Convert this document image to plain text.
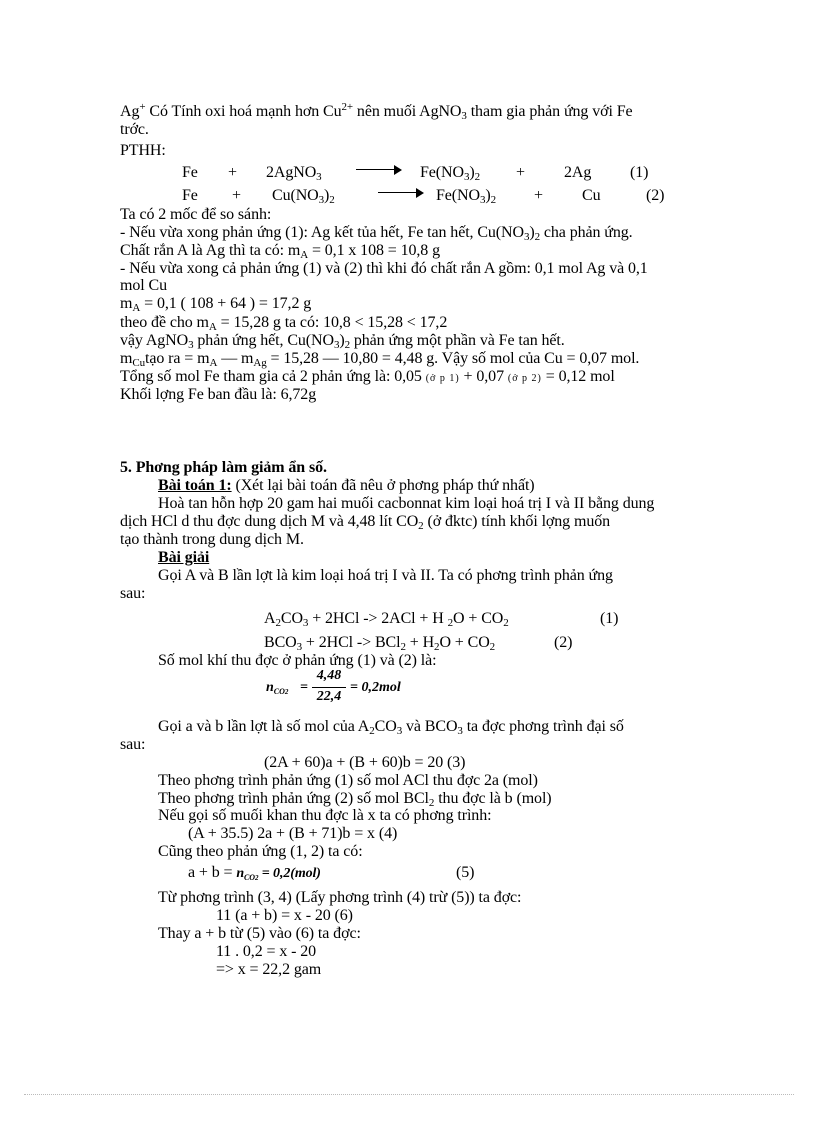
Ag+ Có Tính oxi hoá mạnh hơn $Cu^{2+}$ nên muối AgNO$_3$ tham gia phản ứng với Fe
trớc.
PTHH:
Fe + 2AgNO$_3$	$Fe(NO_3)_2 + 2Ag$ (1)
$Fe + Cu(NO_3)_2$	$Fe(NO_3)_2 + Cu$	(2)
Ta có 2 mốc để so sánh:
- Nếu vừa xong phản ứng (1): Ag kết tủa hết, Fe tan hết, $Cu(NO_3)_2$ cha phản ứng.
Chất rắn A là Ag thì ta có: $m_A = 0,1$ x 108 = 10,8 g
- Nếu vừa xong cả phản ứng (1) và (2) thì khi đó chất rắn A gồm: 0,1 mol Ag và 0,1
mol Cu
$m_A = 0,1$ ( 108 + 64 ) = 17,2 g
theo đề cho $m_A = 15,28$ g ta có: 10,8 < 15,28 < 17,2
vậy AgNO$_3$ phản ứng hết, $Cu(NO_3)_2$ phản ứng một phần và Fe tan hết.
$m_{Cu}tạo$ ra = $m_A$ — $m_{Ag} = 15,28$ — 10,80 = 4,48 g. Vậy số mol của Cu = 0,07 mol.
Tổng số mol Fe tham gia cả 2 phản ứng là: 0,05 (ở p 1) + 0,07 (ở p 2) = 0,12 mol
Khối lợng Fe ban đầu là: 6,72g
5. Phơng pháp làm giảm ẩn số.
Bài toán 1: (Xét lại bài toán đã nêu ở phơng pháp thứ nhất)
Hoà tan hỗn hợp 20 gam hai muối cacbonnat kim loại hoá trị I và II bằng dung
dịch HCl d thu đợc dung dịch M và 4,48 lít $CO_2$ (ở đktc) tính khối lợng muốn
tạo thành trong dung dịch M.
Bài giải
Gọi A và B lần lợt là kim loại hoá trị I và II. Ta có phơng trình phản ứng
sau:
$A_2CO_3 + 2HCl -> 2ACl + H$ $_2O + CO_2$	(1)
$BCO_3 + 2HCl -> BCl_2 + H_2O + CO_2$	(2)
Số mol khí thu đợc ở phản ứng (1) và (2) là:
$n_{CO2}$ =
4,48
22,4
= 0,2mol
Gọi a và b lần lợt là số mol của $A_2CO_3$ và $BCO_3$ ta đợc phơng trình đại số
sau:
(2A + 60)a + (B + 60)b = 20 (3)
Theo phơng trình phản ứng (1) số mol ACl thu đợc 2a (mol)
Theo phơng trình phản ứng (2) số mol BCl$_2$ thu đợc là b (mol)
Nếu gọi số muối khan thu đợc là x ta có phơng trình:
(A + 35.5) 2a + (B + 71)b = x (4)
Cũng theo phản ứng (1, 2) ta có:
$a + b = n_{CO2} = 0,2(mol)$	(5)
Từ phơng trình (3, 4) (Lấy phơng trình (4) trừ (5)) ta đợc:
11 (a + b) = x - 20 (6)
Thay a + b từ (5) vào (6) ta đợc:
11 . 0,2 = x - 20
=> x = 22,2 gam
